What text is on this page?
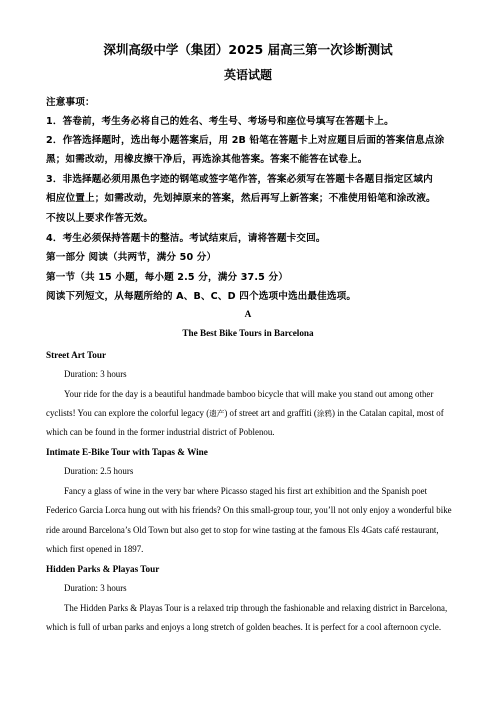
深圳高级中学（集团）2025 届高三第一次诊断测试
英语试题
注意事项：
1．答卷前，考生务必将自己的姓名、考生号、考场号和座位号填写在答题卡上。
2．作答选择题时，选出每小题答案后，用 2B 铅笔在答题卡上对应题目后面的答案信息点涂
黑；如需改动，用橡皮擦干净后，再选涂其他答案。答案不能答在试卷上。
3．非选择题必须用黑色字迹的钢笔或签字笔作答，答案必须写在答题卡各题目指定区域内
相应位置上；如需改动，先划掉原来的答案，然后再写上新答案；不准使用铅笔和涂改液。
不按以上要求作答无效。
4．考生必须保持答题卡的整洁。考试结束后，请将答题卡交回。
第一部分 阅读（共两节，满分 50 分）
第一节（共 15 小题，每小题 2.5 分，满分 37.5 分）
阅读下列短文，从每题所给的 A、B、C、D 四个选项中选出最佳选项。
A
The Best Bike Tours in Barcelona
Street Art Tour
Duration: 3 hours
Your ride for the day is a beautiful handmade bamboo bicycle that will make you stand out among other
cyclists! You can explore the colorful legacy (遗产) of street art and graffiti (涂鸦) in the Catalan capital, most of
which can be found in the former industrial district of Poblenou.
Intimate E-Bike Tour with Tapas & Wine
Duration: 2.5 hours
Fancy a glass of wine in the very bar where Picasso staged his first art exhibition and the Spanish poet
Federico Garcia Lorca hung out with his friends? On this small-group tour, you’ll not only enjoy a wonderful bike
ride around Barcelona’s Old Town but also get to stop for wine tasting at the famous Els 4Gats café restaurant,
which first opened in 1897.
Hidden Parks & Playas Tour
Duration: 3 hours
The Hidden Parks & Playas Tour is a relaxed trip through the fashionable and relaxing district in Barcelona,
which is full of urban parks and enjoys a long stretch of golden beaches. It is perfect for a cool afternoon cycle.
